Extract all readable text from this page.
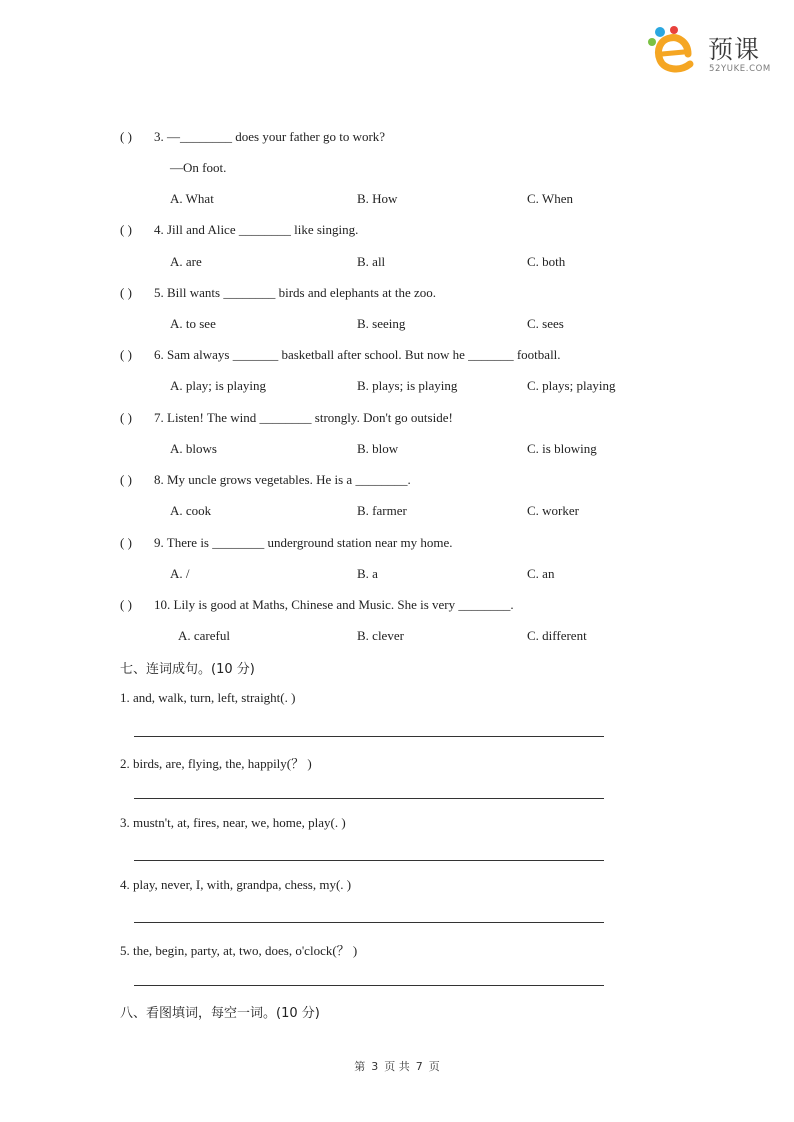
预课
52YUKE.COM
( ) 3. —________ does your father go to work?
—On foot.
A. What	B. How	C. When
( ) 4. Jill and Alice ________ like singing.
A. are	B. all	C. both
( ) 5. Bill wants ________ birds and elephants at the zoo.
A. to see	B. seeing	C. sees
( ) 6. Sam always _______ basketball after school. But now he _______ football.
A. play; is playing	B. plays; is playing	C. plays; playing
( ) 7. Listen! The wind ________ strongly. Don't go outside!
A. blows	B. blow	C. is blowing
( ) 8. My uncle grows vegetables. He is a ________.
A. cook	B. farmer	C. worker
( ) 9. There is ________ underground station near my home.
A. /	B. a	C. an
( ) 10. Lily is good at Maths, Chinese and Music. She is very ________.
A. careful	B. clever	C. different
七、连词成句。(10 分)
1. and, walk, turn, left, straight(. )
2. birds, are, flying, the, happily(？ )
3. mustn't, at, fires, near, we, home, play(. )
4. play, never, I, with, grandpa, chess, my(. )
5. the, begin, party, at, two, does, o'clock(？ )
八、看图填词，每空一词。(10 分)
第 3 页 共 7 页
